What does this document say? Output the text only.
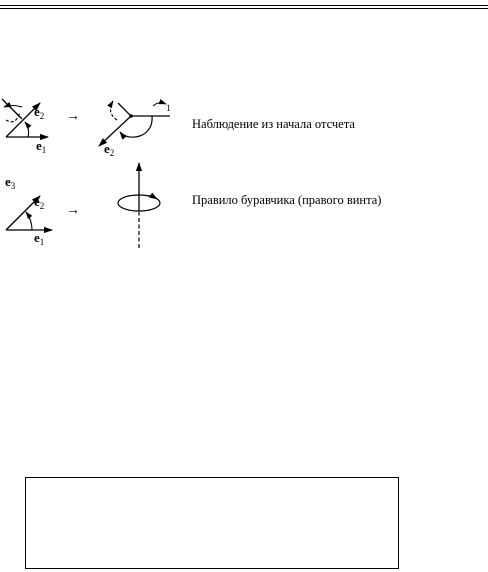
$e_2$
$e_1$
→
1
$e_2$
$e_3$
$e_2$
$e_1$
→
Наблюдение из начала отсчета
Правило буравчика (правого винта)
